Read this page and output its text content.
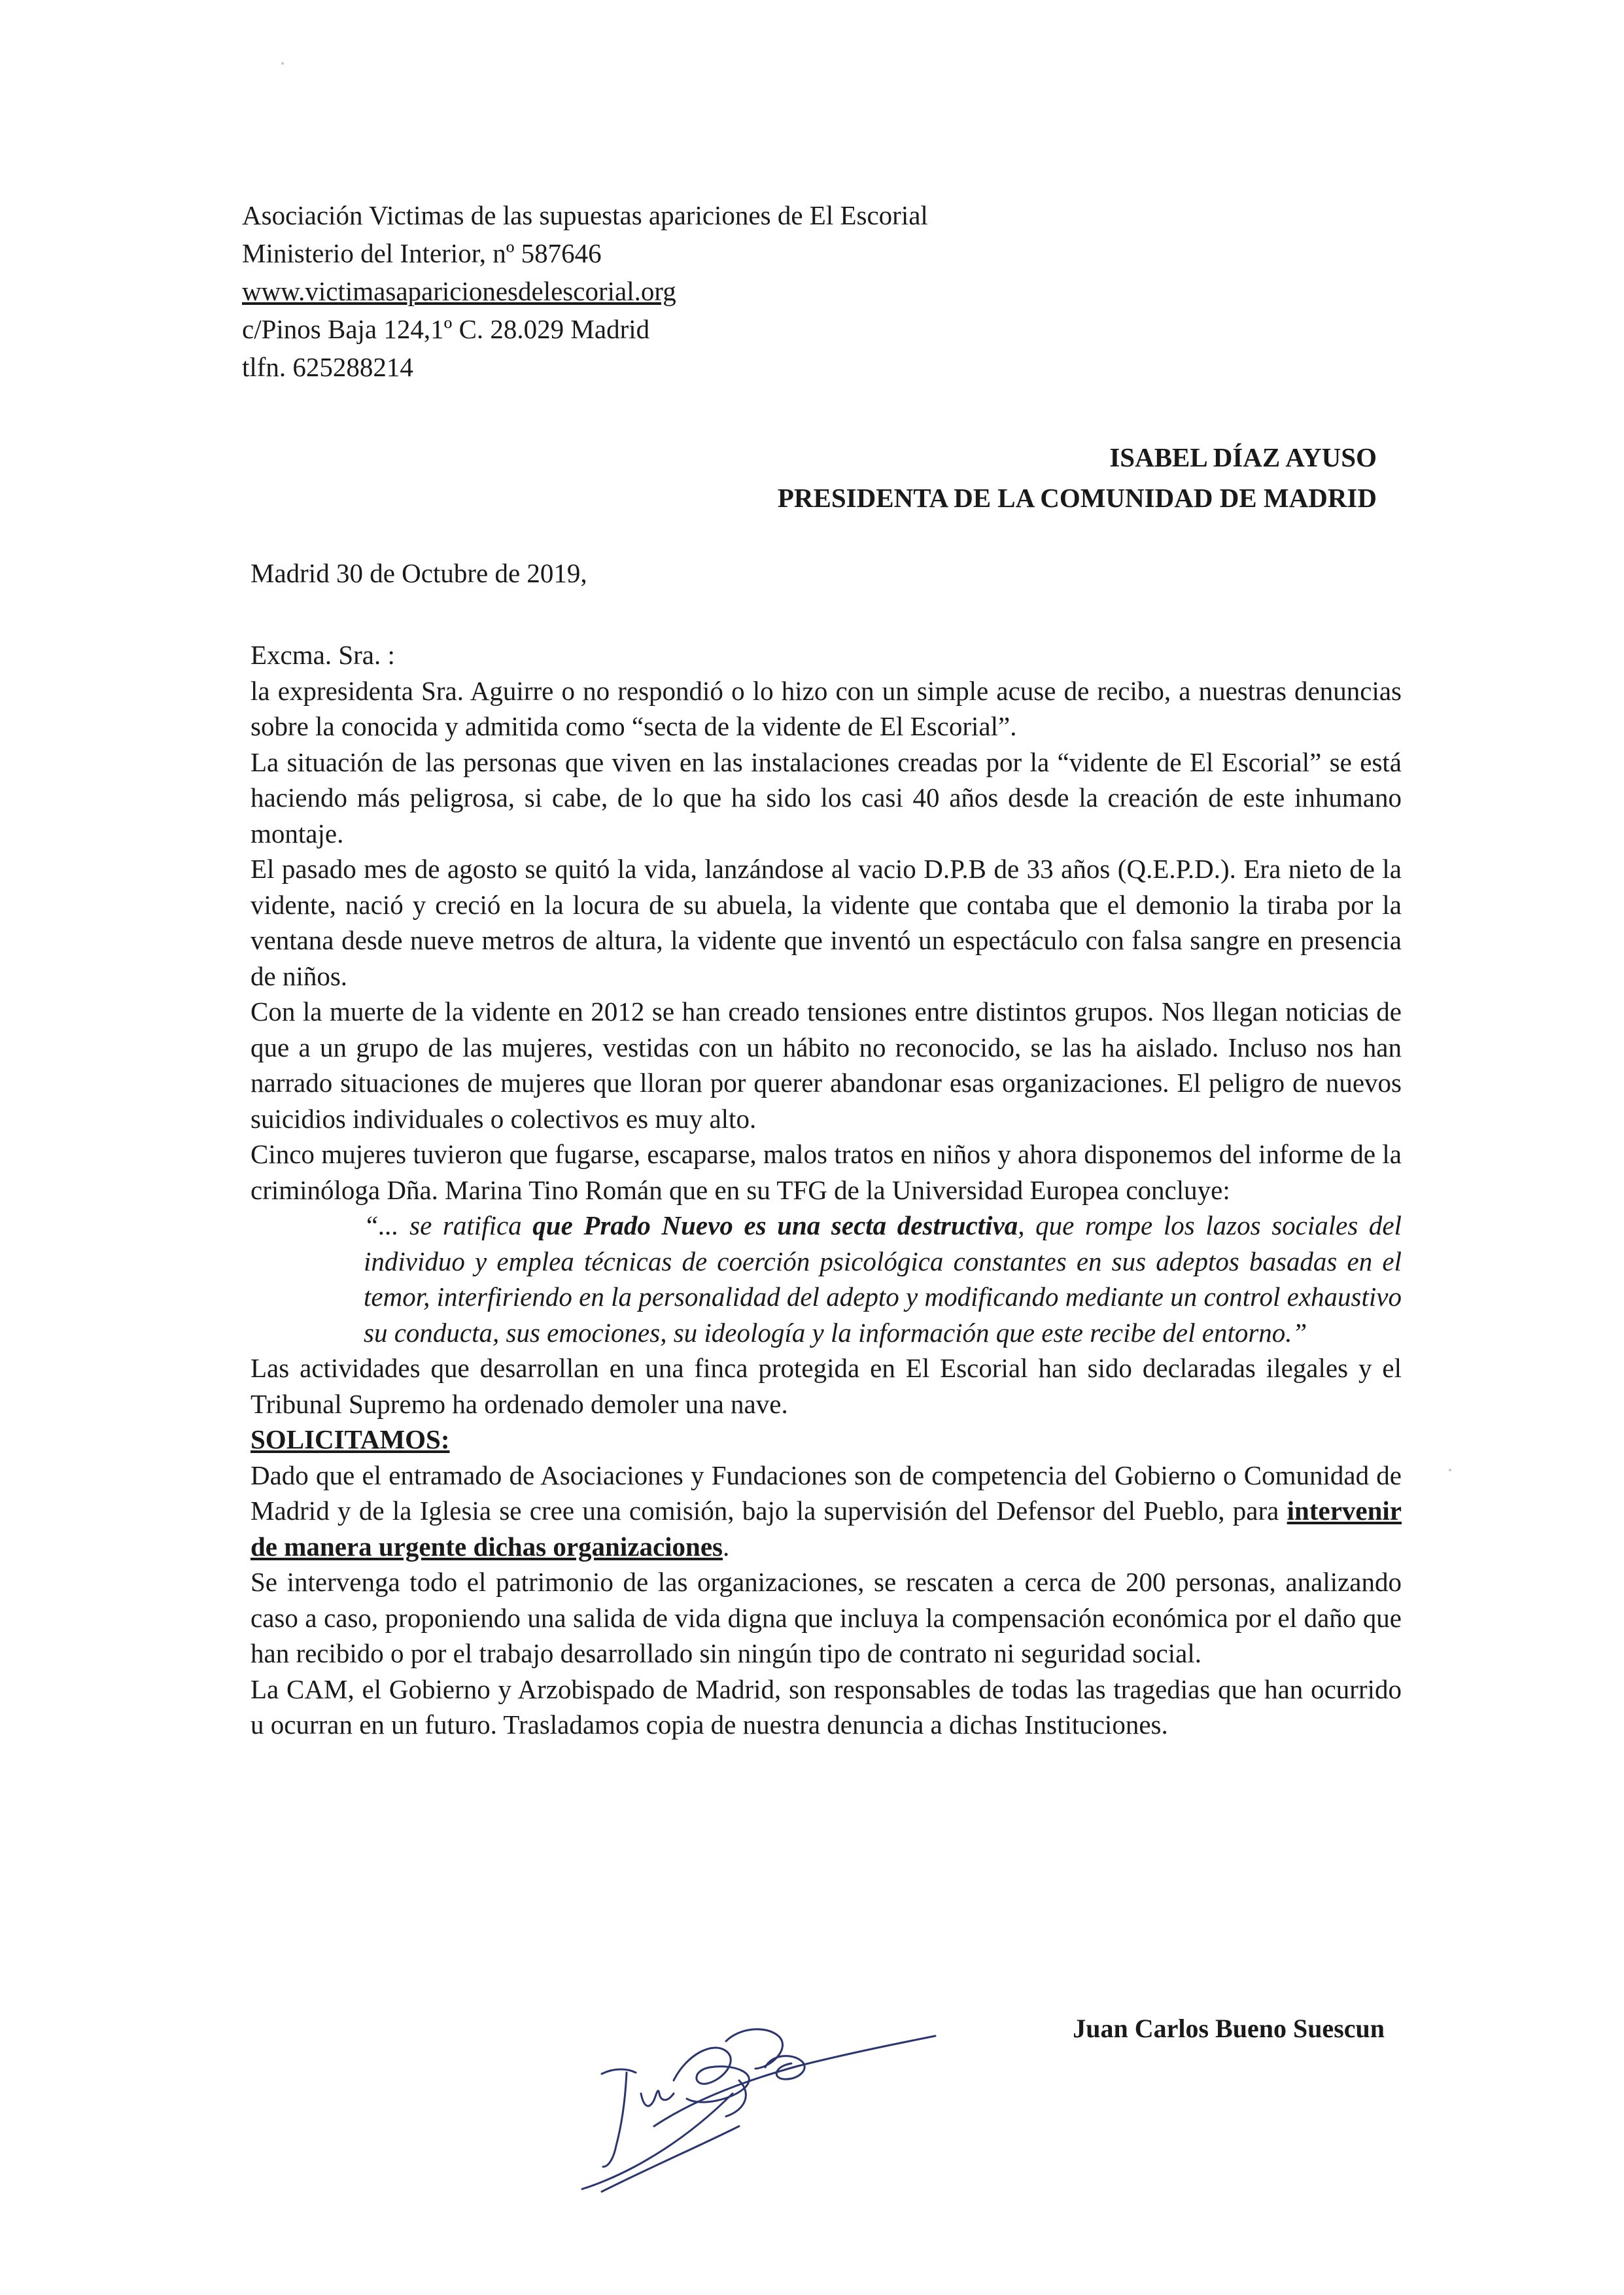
Asociación Victimas de las supuestas apariciones de El Escorial
Ministerio del Interior, nº 587646
www.victimasaparicionesdelescorial.org
c/Pinos Baja 124,1º C. 28.029 Madrid
tlfn. 625288214
ISABEL DÍAZ AYUSO
PRESIDENTA DE LA COMUNIDAD DE MADRID
Madrid 30 de Octubre de 2019,

Excma. Sra. :

la expresidenta Sra. Aguirre o no respondió o lo hizo con un simple acuse de recibo, a nuestras denuncias sobre la conocida y admitida como “secta de la vidente de El Escorial”.

La situación de las personas que viven en las instalaciones creadas por la “vidente de El Escorial” se está haciendo más peligrosa, si cabe, de lo que ha sido los casi 40 años desde la creación de este inhumano montaje.

El pasado mes de agosto se quitó la vida, lanzándose al vacio D.P.B de 33 años (Q.E.P.D.). Era nieto de la vidente, nació y creció en la locura de su abuela, la vidente que contaba que el demonio la tiraba por la ventana desde nueve metros de altura, la vidente que inventó un espectáculo con falsa sangre en presencia de niños.

Con la muerte de la vidente en 2012 se han creado tensiones entre distintos grupos. Nos llegan noticias de que a un grupo de las mujeres, vestidas con un hábito no reconocido, se las ha aislado. Incluso nos han narrado situaciones de mujeres que lloran por querer abandonar esas organizaciones. El peligro de nuevos suicidios individuales o colectivos es muy alto.

Cinco mujeres tuvieron que fugarse, escaparse, malos tratos en niños y ahora disponemos del informe de la criminóloga Dña. Marina Tino Román que en su TFG de la Universidad Europea concluye:

“... se ratifica que Prado Nuevo es una secta destructiva, que rompe los lazos sociales del individuo y emplea técnicas de coerción psicológica constantes en sus adeptos basadas en el temor, interfiriendo en la personalidad del adepto y modificando mediante un control exhaustivo su conducta, sus emociones, su ideología y la información que este recibe del entorno.”

Las actividades que desarrollan en una finca protegida en El Escorial han sido declaradas ilegales y el Tribunal Supremo ha ordenado demoler una nave.

SOLICITAMOS:

Dado que el entramado de Asociaciones y Fundaciones son de competencia del Gobierno o Comunidad de Madrid y de la Iglesia se cree una comisión, bajo la supervisión del Defensor del Pueblo, para intervenir de manera urgente dichas organizaciones.

Se intervenga todo el patrimonio de las organizaciones, se rescaten a cerca de 200 personas, analizando caso a caso, proponiendo una salida de vida digna que incluya la compensación económica por el daño que han recibido o por el trabajo desarrollado sin ningún tipo de contrato ni seguridad social.

La CAM, el Gobierno y Arzobispado de Madrid, son responsables de todas las tragedias que han ocurrido u ocurran en un futuro. Trasladamos copia de nuestra denuncia a dichas Instituciones.

Juan Carlos Bueno Suescun
